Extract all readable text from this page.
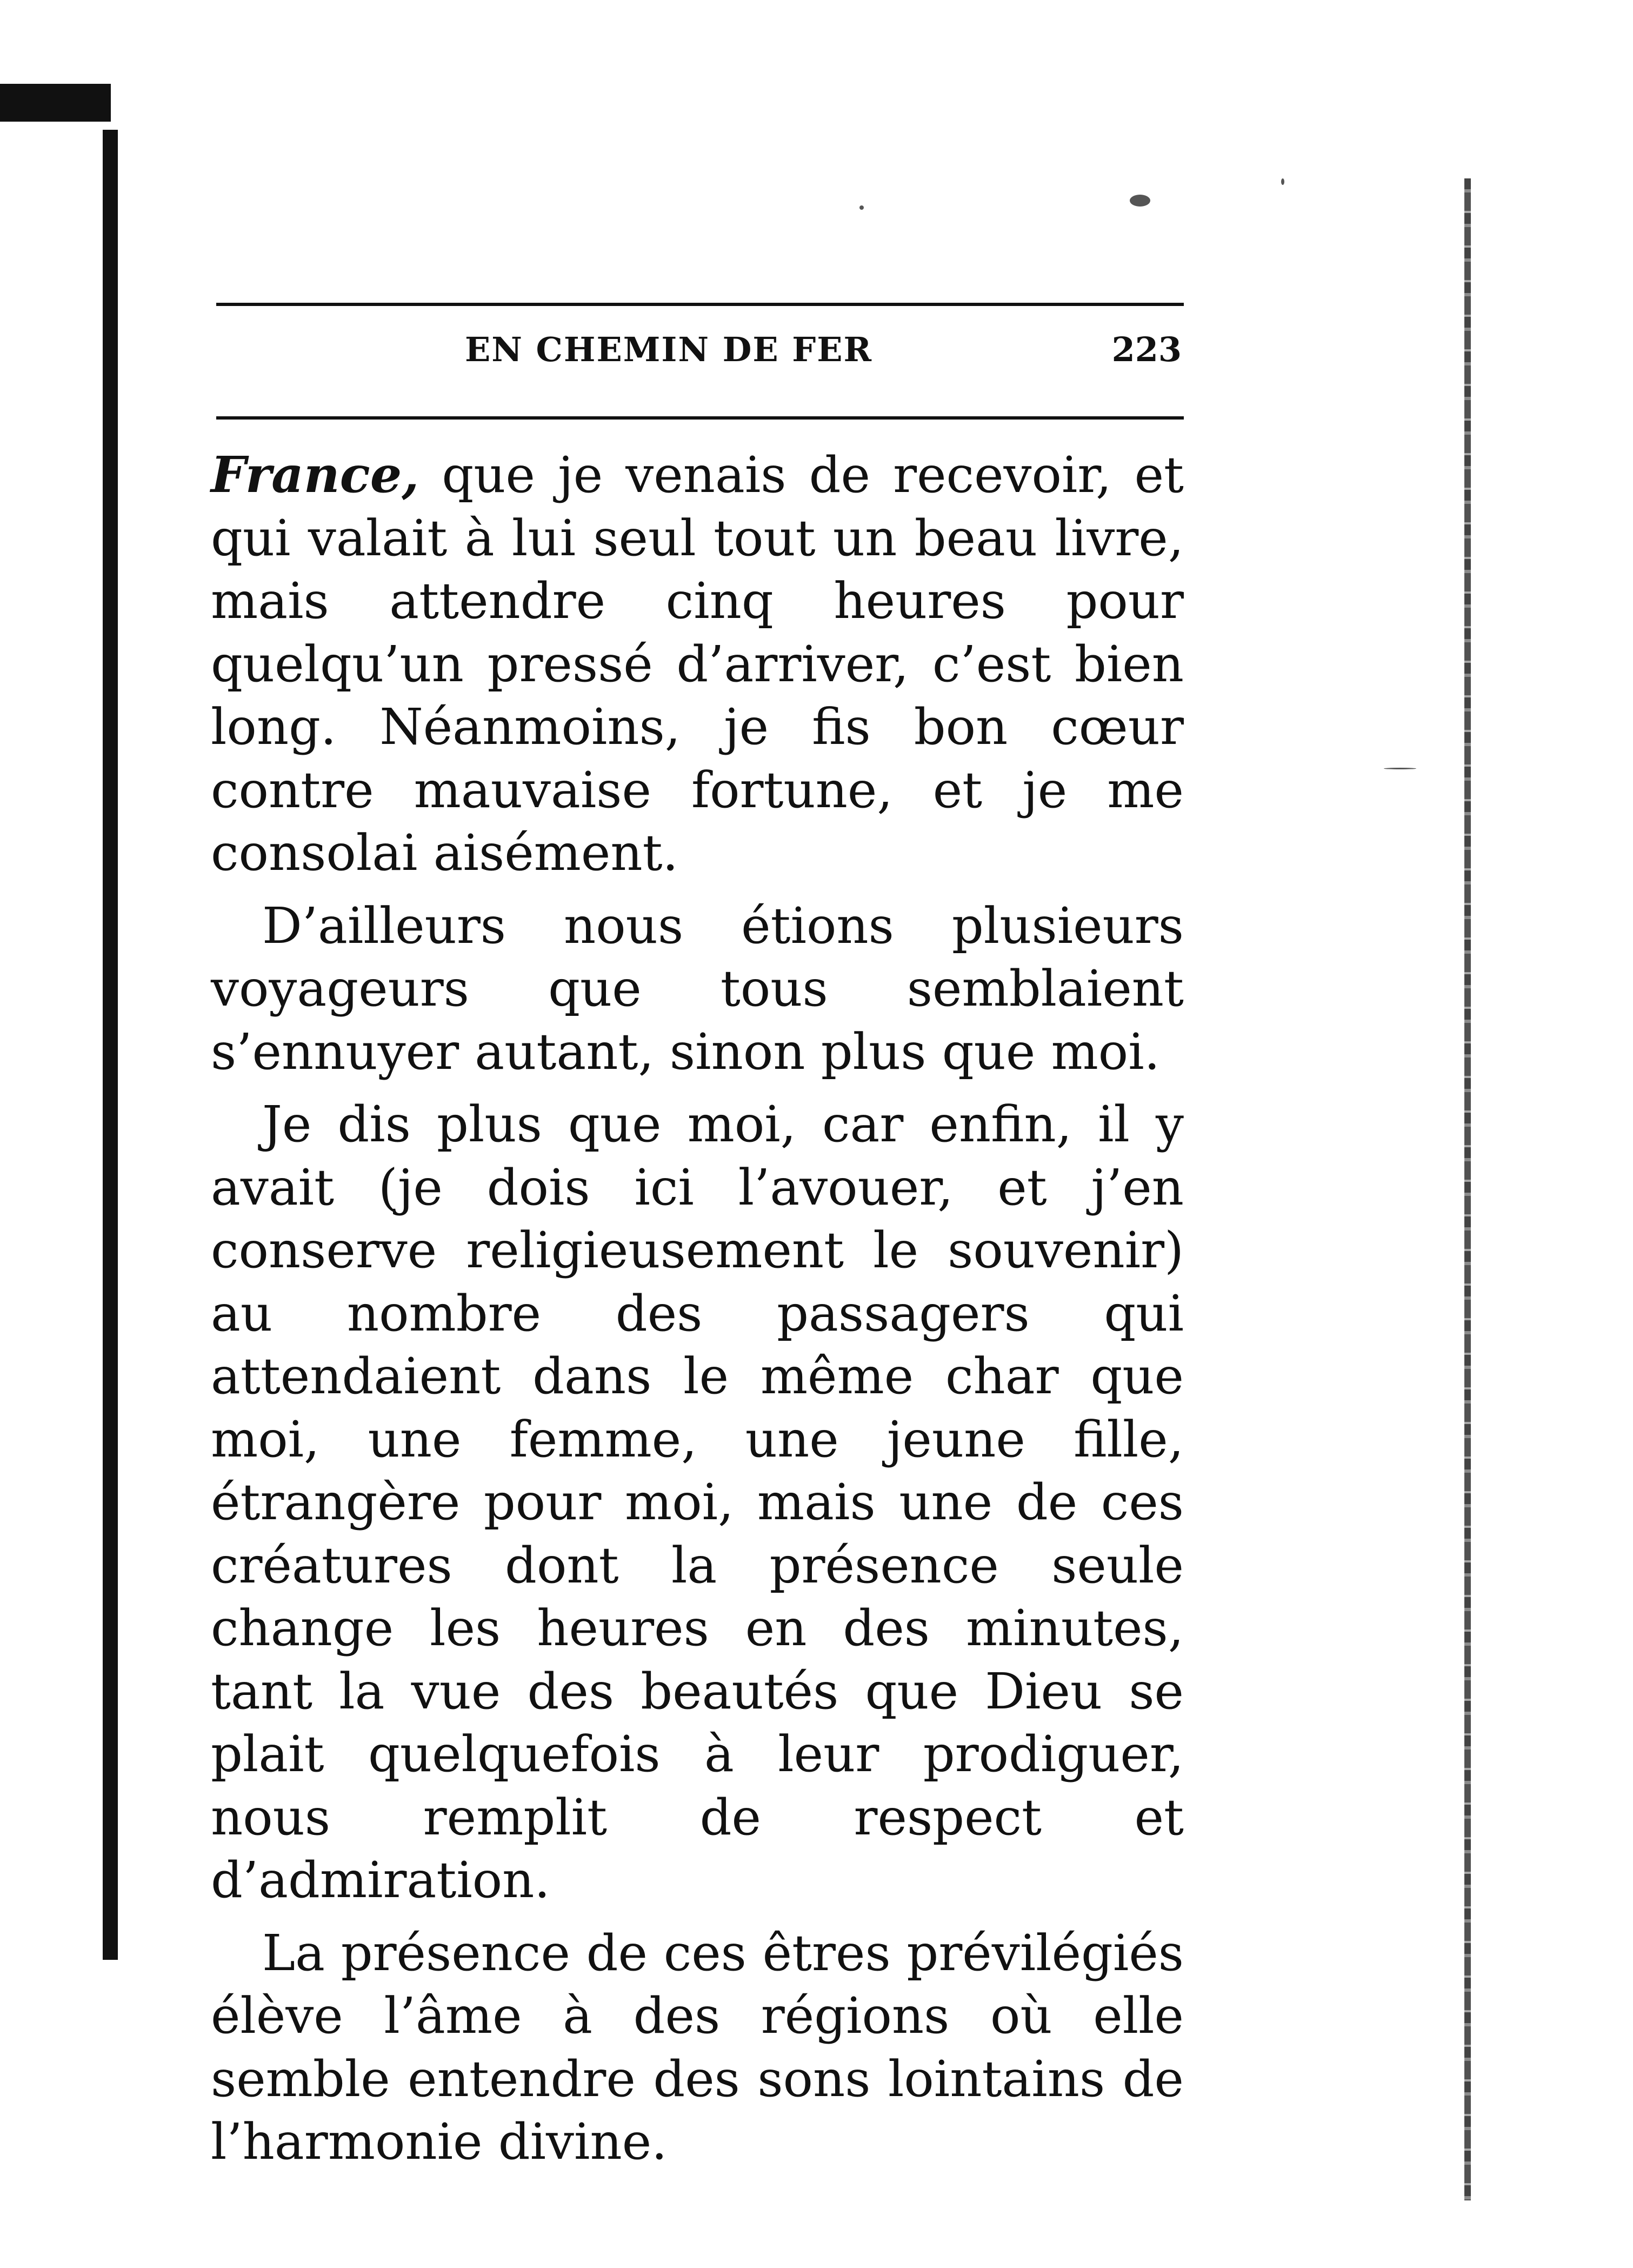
EN CHEMIN DE FER	223

France, que je venais de recevoir, et qui valait à lui seul tout un beau livre, mais attendre cinq heures pour quelqu’un pressé d’arriver, c’est bien long. Néanmoins, je fis bon cœur contre mauvaise fortune, et je me consolai aisément.

D’ailleurs nous étions plusieurs voyageurs que tous semblaient s’ennuyer autant, sinon plus que moi.

Je dis plus que moi, car enfin, il y avait (je dois ici l’avouer, et j’en conserve religieusement le souvenir) au nombre des passagers qui attendaient dans le même char que moi, une femme, une jeune fille, étrangère pour moi, mais une de ces créatures dont la présence seule change les heures en des minutes, tant la vue des beautés que Dieu se plait quelquefois à leur prodiguer, nous remplit de respect et d’admiration.

La présence de ces êtres prévilégiés élève l’âme à des régions où elle semble entendre des sons lointains de l’harmonie divine.
